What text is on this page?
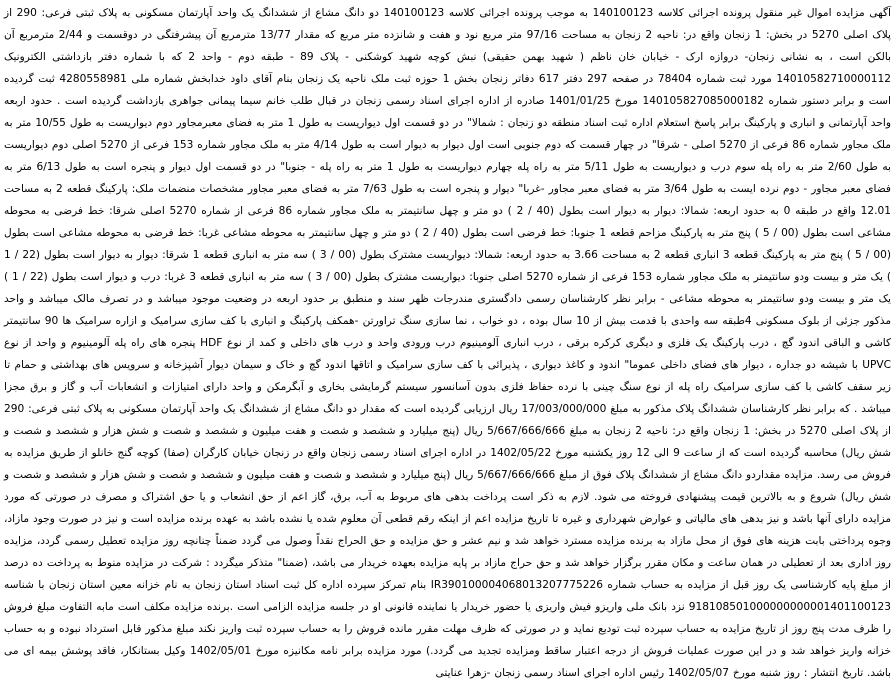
آگهی مزایده اموال غیر منقول پرونده اجرائی کلاسه 140100123 به موجب پرونده اجرائی کلاسه 140100123 دو دانگ مشاع از ششدانگ یک واحد آپارتمان مسکونی به پلاک ثبتی فرعی: 290 از پلاک اصلی 5270 در بخش: 1 زنجان واقع در: ناحیه 2 زنجان به مساحت 97/16 متر مربع نود و هفت و شانزده متر مربع که مقدار 13/77 مترمربع آن پیشرفتگی در دوقسمت و 2/44 مترمربع آن بالکن است ، به نشانی زنجان- دروازه ارک - خیابان خان ناظم ( شهید بهمن حقیقی) نبش کوچه شهید کوشکنی - پلاک 89 - طبقه دوم - واحد 2 که با شماره دفتر بازداشتی الکترونیک 14010582710000112 مورد ثبت شماره 78404 در صفحه 297 دفتر 617 دفاتر زنجان بخش 1 حوزه ثبت ملک ناحیه یک زنجان بنام آقای داود خدابخش شماره ملی 4280558981 ثبت گردیده است و برابر دستور شماره 140105827085000182 مورخ 1401/01/25 صادره از اداره اجرای اسناد رسمی زنجان در قبال طلب خانم سیما پیمانی جواهری بازداشت گردیده است . حدود اربعه واحد آپارتمانی و انباری و پارکینگ برابر پاسخ استعلام اداره ثبت اسناد منطقه دو زنجان : شمالا" در دو قسمت اول دیواریست به طول 1 متر به فضای معبرمجاور دوم دیواریست به طول 10/55 متر به ملک مجاور شماره 86 فرعی از 5270 اصلی - شرقا" در چهار قسمت که دوم جنوبی است اول دیوار به دیوار است به طول 4/14 متر به ملک مجاور شماره 153 فرعی از 5270 اصلی دوم دیواریست به طول 2/60 متر به راه پله سوم درب و دیواریست به طول 5/11 متر به راه پله چهارم دیواریست به طول 1 متر به راه پله - جنوبا" در دو قسمت اول دیوار و پنجره است به طول 6/13 متر به فضای معبر مجاور - دوم نرده ایست به طول 3/64 متر به فضای معبر مجاور -غربا" دیوار و پنجره است به طول 7/63 متر به فضای معبر مجاور مشخصات منضمات ملک: پارکینگ قطعه 2 به مساحت 12.01 واقع در طبقه 0 به حدود اربعه: شمالا: دیوار به دیوار است بطول (40 / 2 ) دو متر و چهل سانتیمتر به ملک مجاور شماره 86 فرعی از شماره 5270 اصلی شرقا: خط فرضی به محوطه مشاعی است بطول (00 / 5 ) پنج متر به پارکینگ مزاحم قطعه 1 جنوبا: خط فرضی است بطول (40 / 2 ) دو متر و چهل سانتیمتر به محوطه مشاعی غربا: خط فرضی به محوطه مشاعی است بطول (00 / 5 ) پنج متر به پارکینگ قطعه 3 انباری قطعه 2 به مساحت 3.66 به حدود اربعه: شمالا: دیواریست مشترک بطول (00 / 3 ) سه متر به انباری قطعه 1 شرقا: دیوار به دیوار است بطول (22 / 1 ) یک متر و بیست ودو سانتیمتر به ملک مجاور شماره 153 فرعی از شماره 5270 اصلی جنوبا: دیواریست مشترک بطول (00 / 3 ) سه متر به انباری قطعه 3 غربا: درب و دیوار است بطول (22 / 1 ) یک متر و بیست ودو سانتیمتر به محوطه مشاعی - برابر نظر کارشناسان رسمی دادگستری مندرجات ظهر سند و منطبق بر حدود اربعه در وضعیت موجود میباشد و در تصرف مالک میباشد و واحد مذکور جزئی از بلوک مسکونی 4طبقه سه واحدی با قدمت بیش از 10 سال بوده ، دو خواب ، نما سازی سنگ تراورتن -همکف پارکینگ و انباری با کف سازی سرامیک و ازاره سرامیک ها 90 سانتیمتر کاشی و الباقی اندود گچ ، درب پارکینگ یک فلزی و دیگری کرکره برقی ، درب انباری آلومینیوم درب ورودی واحد و درب های داخلی و کمد از نوع HDF پنجره های راه پله آلومینیوم و واحد از نوع UPVC با شیشه دو جداره ، دیوار های فضای داخلی عموما" اندود و کاغذ دیواری ، پذیرائی با کف سازی سرامیک و اتاقها اندود گچ و خاک و سیمان دیوار آشپزخانه و سرویس های بهداشتی و حمام تا زیر سقف کاشی با کف سازی سرامیک راه پله از نوع سنگ چینی با نرده حفاظ فلزی بدون آسانسور سیستم گرمایشی بخاری و آبگرمکن و واحد دارای امتیازات و انشعابات آب و گاز و برق مجزا میباشد . که برابر نظر کارشناسان ششدانگ پلاک مذکور به مبلغ 17/003/000/000 ریال ارزیابی گردیده است که مقدار دو دانگ مشاع از ششدانگ یک واحد آپارتمان مسکونی به پلاک ثبتی فرعی: 290 از پلاک اصلی 5270 در بخش: 1 زنجان واقع در: ناحیه 2 زنجان به مبلغ 5/667/666/666 ریال (پنج میلیارد و ششصد و شصت و هفت میلیون و ششصد و شصت و شش هزار و ششصد و شصت و شش ریال) محاسبه گردیده است که از ساعت 9 الی 12 روز یکشنبه مورخ 1402/05/22 در اداره اجرای اسناد رسمی زنجان واقع در زنجان خیابان کارگران (صفا) کوچه گنج خانلو از طریق مزایده به فروش می رسد. مزایده مقداردو دانگ مشاع از ششدانگ پلاک فوق از مبلغ 5/667/666/666 ریال (پنج میلیارد و ششصد و شصت و هفت میلیون و ششصد و شصت و شش هزار و ششصد و شصت و شش ریال) شروع و به بالاترین قیمت پیشنهادی فروخته می شود. لازم به ذکر است پرداخت بدهی های مربوط به آب، برق، گاز اعم از حق انشعاب و یا حق اشتراک و مصرف در صورتی که مورد مزایده دارای آنها باشد و نیز بدهی های مالیاتی و عوارض شهرداری و غیره تا تاریخ مزایده اعم از اینکه رقم قطعی آن معلوم شده یا نشده باشد به عهده برنده مزایده است و نیز در صورت وجود مازاد، وجوه پرداختی بابت هزینه های فوق از محل مازاد به برنده مزایده مسترد خواهد شد و نیم عشر و حق مزایده و حق الحراج نقداً وصول می گردد ضمناً چنانچه روز مزایده تعطیل رسمی گردد، مزایده روز اداری بعد از تعطیلی در همان ساعت و مکان مقرر برگزار خواهد شد و حق حراج مازاد بر پایه مزایده بعهده خریدار می باشد، (ضمنا" متذکر میگردد : شرکت در مزایده منوط به پرداخت ده درصد از مبلغ پایه کارشناسی یک روز قبل از مزایده به حساب شماره IR390100004068013207775226 بنام تمرکز سپرده اداره کل ثبت اسناد استان زنجان به نام خزانه معین استان زنجان با شناسه 918108501000000000001401100123 نزد بانک ملی واریزو فیش واریزی یا حضور خریدار یا نماینده قانونی او در جلسه مزایده الزامی است .برنده مزایده مکلف است مابه التفاوت مبلغ فروش را ظرف مدت پنج روز از تاریخ مزایده به حساب سپرده ثبت تودیع نماید و در صورتی که ظرف مهلت مقرر مانده فروش را به حساب سپرده ثبت واریز نکند مبلغ مذکور قابل استرداد نبوده و به حساب خزانه واریز خواهد شد و در این صورت عملیات فروش از درجه اعتبار ساقط ومزایده تجدید می گردد.) مورد مزایده برابر نامه مکانیزه مورخ 1402/05/01 وکیل بستانکار، فاقد پوشش بیمه ای می باشد. تاریخ انتشار : روز شنبه مورخ 1402/05/07 رئیس اداره اجرای اسناد رسمی زنجان -زهرا عنایتی
